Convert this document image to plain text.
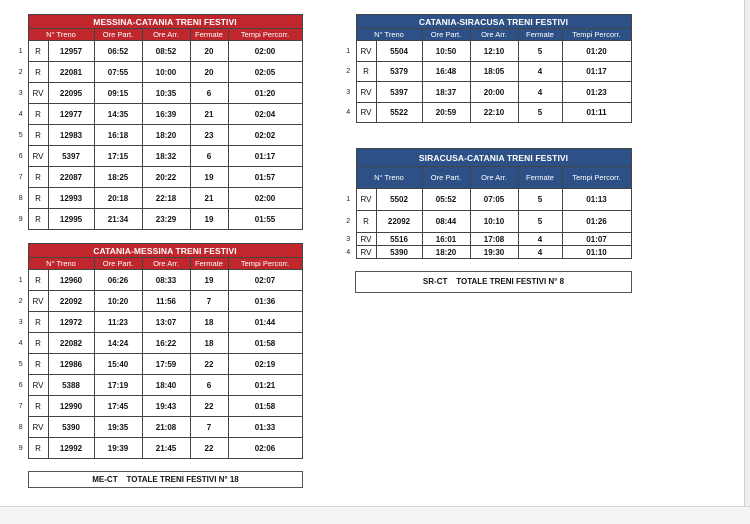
	MESSINA-CATANIA TRENI FESTIVI					
	N° Treno		Ore Part.	Ore Arr.	Fermate	Tempi Percorr.
1	R	12957	06:52	08:52	20	02:00
2	R	22081	07:55	10:00	20	02:05
3	RV	22095	09:15	10:35	6	01:20
4	R	12977	14:35	16:39	21	02:04
5	R	12983	16:18	18:20	23	02:02
6	RV	5397	17:15	18:32	6	01:17
7	R	22087	18:25	20:22	19	01:57
8	R	12993	20:18	22:18	21	02:00
9	R	12995	21:34	23:29	19	01:55
	CATANIA-MESSINA TRENI FESTIVI					
	N° Treno		Ore Part.	Ore Arr.	Fermate	Tempi Percorr.
1	R	12960	06:26	08:33	19	02:07
2	RV	22092	10:20	11:56	7	01:36
3	R	12972	11:23	13:07	18	01:44
4	R	22082	14:24	16:22	18	01:58
5	R	12986	15:40	17:59	22	02:19
6	RV	5388	17:19	18:40	6	01:21
7	R	12990	17:45	19:43	22	01:58
8	RV	5390	19:35	21:08	7	01:33
9	R	12992	19:39	21:45	22	02:06
ME-CT    TOTALE TRENI FESTIVI N° 18
	CATANIA-SIRACUSA TRENI FESTIVI					
	N° Treno		Ore Part.	Ore Arr.	Fermate	Tempi Percorr.
1	RV	5504	10:50	12:10	5	01:20
2	R	5379	16:48	18:05	4	01:17
3	RV	5397	18:37	20:00	4	01:23
4	RV	5522	20:59	22:10	5	01:11
	SIRACUSA-CATANIA TRENI FESTIVI					
	N° Treno		Ore Part.	Ore Arr.	Fermate	Tempi Percorr.
1	RV	5502	05:52	07:05	5	01:13
2	R	22092	08:44	10:10	5	01:26
3	RV	5516	16:01	17:08	4	01:07
4	RV	5390	18:20	19:30	4	01:10
SR-CT    TOTALE TRENI FESTIVI N° 8
